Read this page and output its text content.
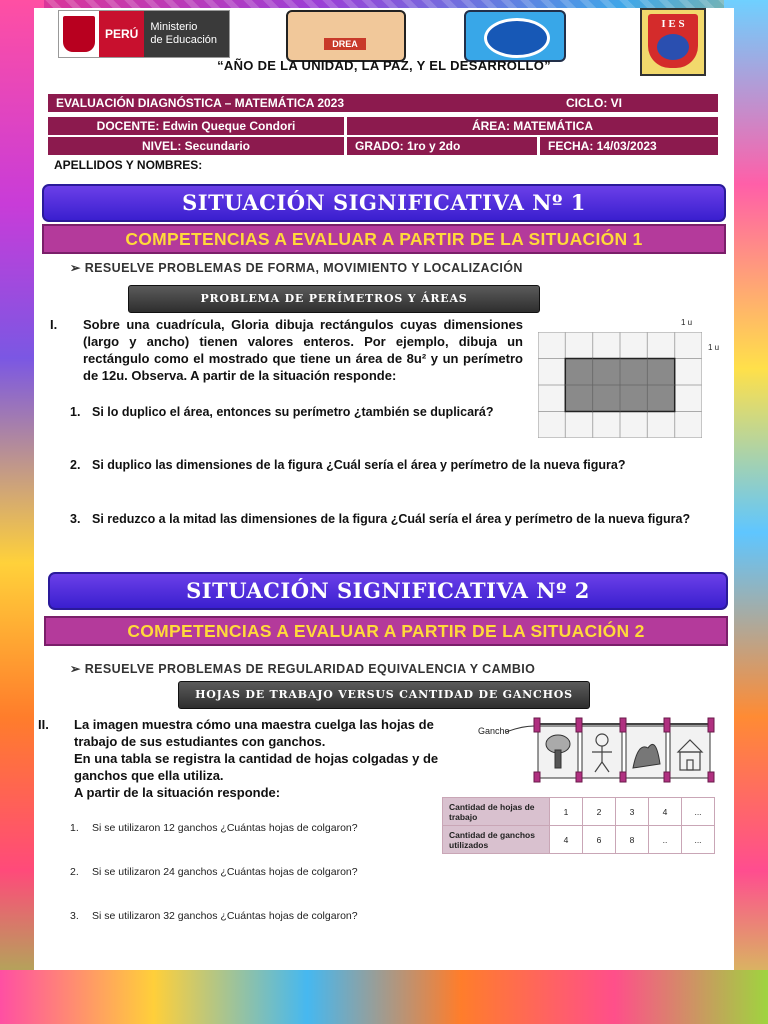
PERÚ	Ministerio
de Educación	DREA
I E S
“AÑO DE LA UNIDAD, LA PAZ, Y EL DESARROLLO”
EVALUACIÓN DIAGNÓSTICA – MATEMÁTICA 2023	CICLO: VI
DOCENTE: Edwin Queque Condori	ÁREA: MATEMÁTICA
NIVEL: Secundario	GRADO: 1ro y 2do	FECHA: 14/03/2023
APELLIDOS Y NOMBRES:
SITUACIÓN SIGNIFICATIVA Nº 1
COMPETENCIAS A EVALUAR A PARTIR DE LA SITUACIÓN 1
➢ RESUELVE PROBLEMAS DE FORMA, MOVIMIENTO Y LOCALIZACIÓN
PROBLEMA DE PERÍMETROS Y ÁREAS
I. Sobre una cuadrícula, Gloria dibuja rectángulos cuyas dimensiones (largo y ancho) tienen valores enteros. Por ejemplo, dibuja un rectángulo como el mostrado que tiene un área de 8u² y un perímetro de 12u. Observa. A partir de la situación responde:
1 u
1 u
1. Si lo duplico el área, entonces su perímetro ¿también se duplicará?
2. Si duplico las dimensiones de la figura ¿Cuál sería el área y perímetro de la nueva figura?
3. Si reduzco a la mitad las dimensiones de la figura ¿Cuál sería el área y perímetro de la nueva figura?
SITUACIÓN SIGNIFICATIVA Nº 2
COMPETENCIAS A EVALUAR A PARTIR DE LA SITUACIÓN 2
➢ RESUELVE PROBLEMAS DE REGULARIDAD EQUIVALENCIA Y CAMBIO
HOJAS DE TRABAJO VERSUS CANTIDAD DE GANCHOS
II. La imagen muestra cómo una maestra cuelga las hojas de trabajo de sus estudiantes con ganchos.
En una tabla se registra la cantidad de hojas colgadas y de ganchos que ella utiliza.
A partir de la situación responde:
Gancho
Cantidad de hojas de trabajo	1	2	3	4	...
Cantidad de ganchos utilizados	4	6	8	..	...
1. Si se utilizaron 12 ganchos ¿Cuántas hojas de colgaron?
2. Si se utilizaron 24 ganchos ¿Cuántas hojas de colgaron?
3. Si se utilizaron 32 ganchos ¿Cuántas hojas de colgaron?
